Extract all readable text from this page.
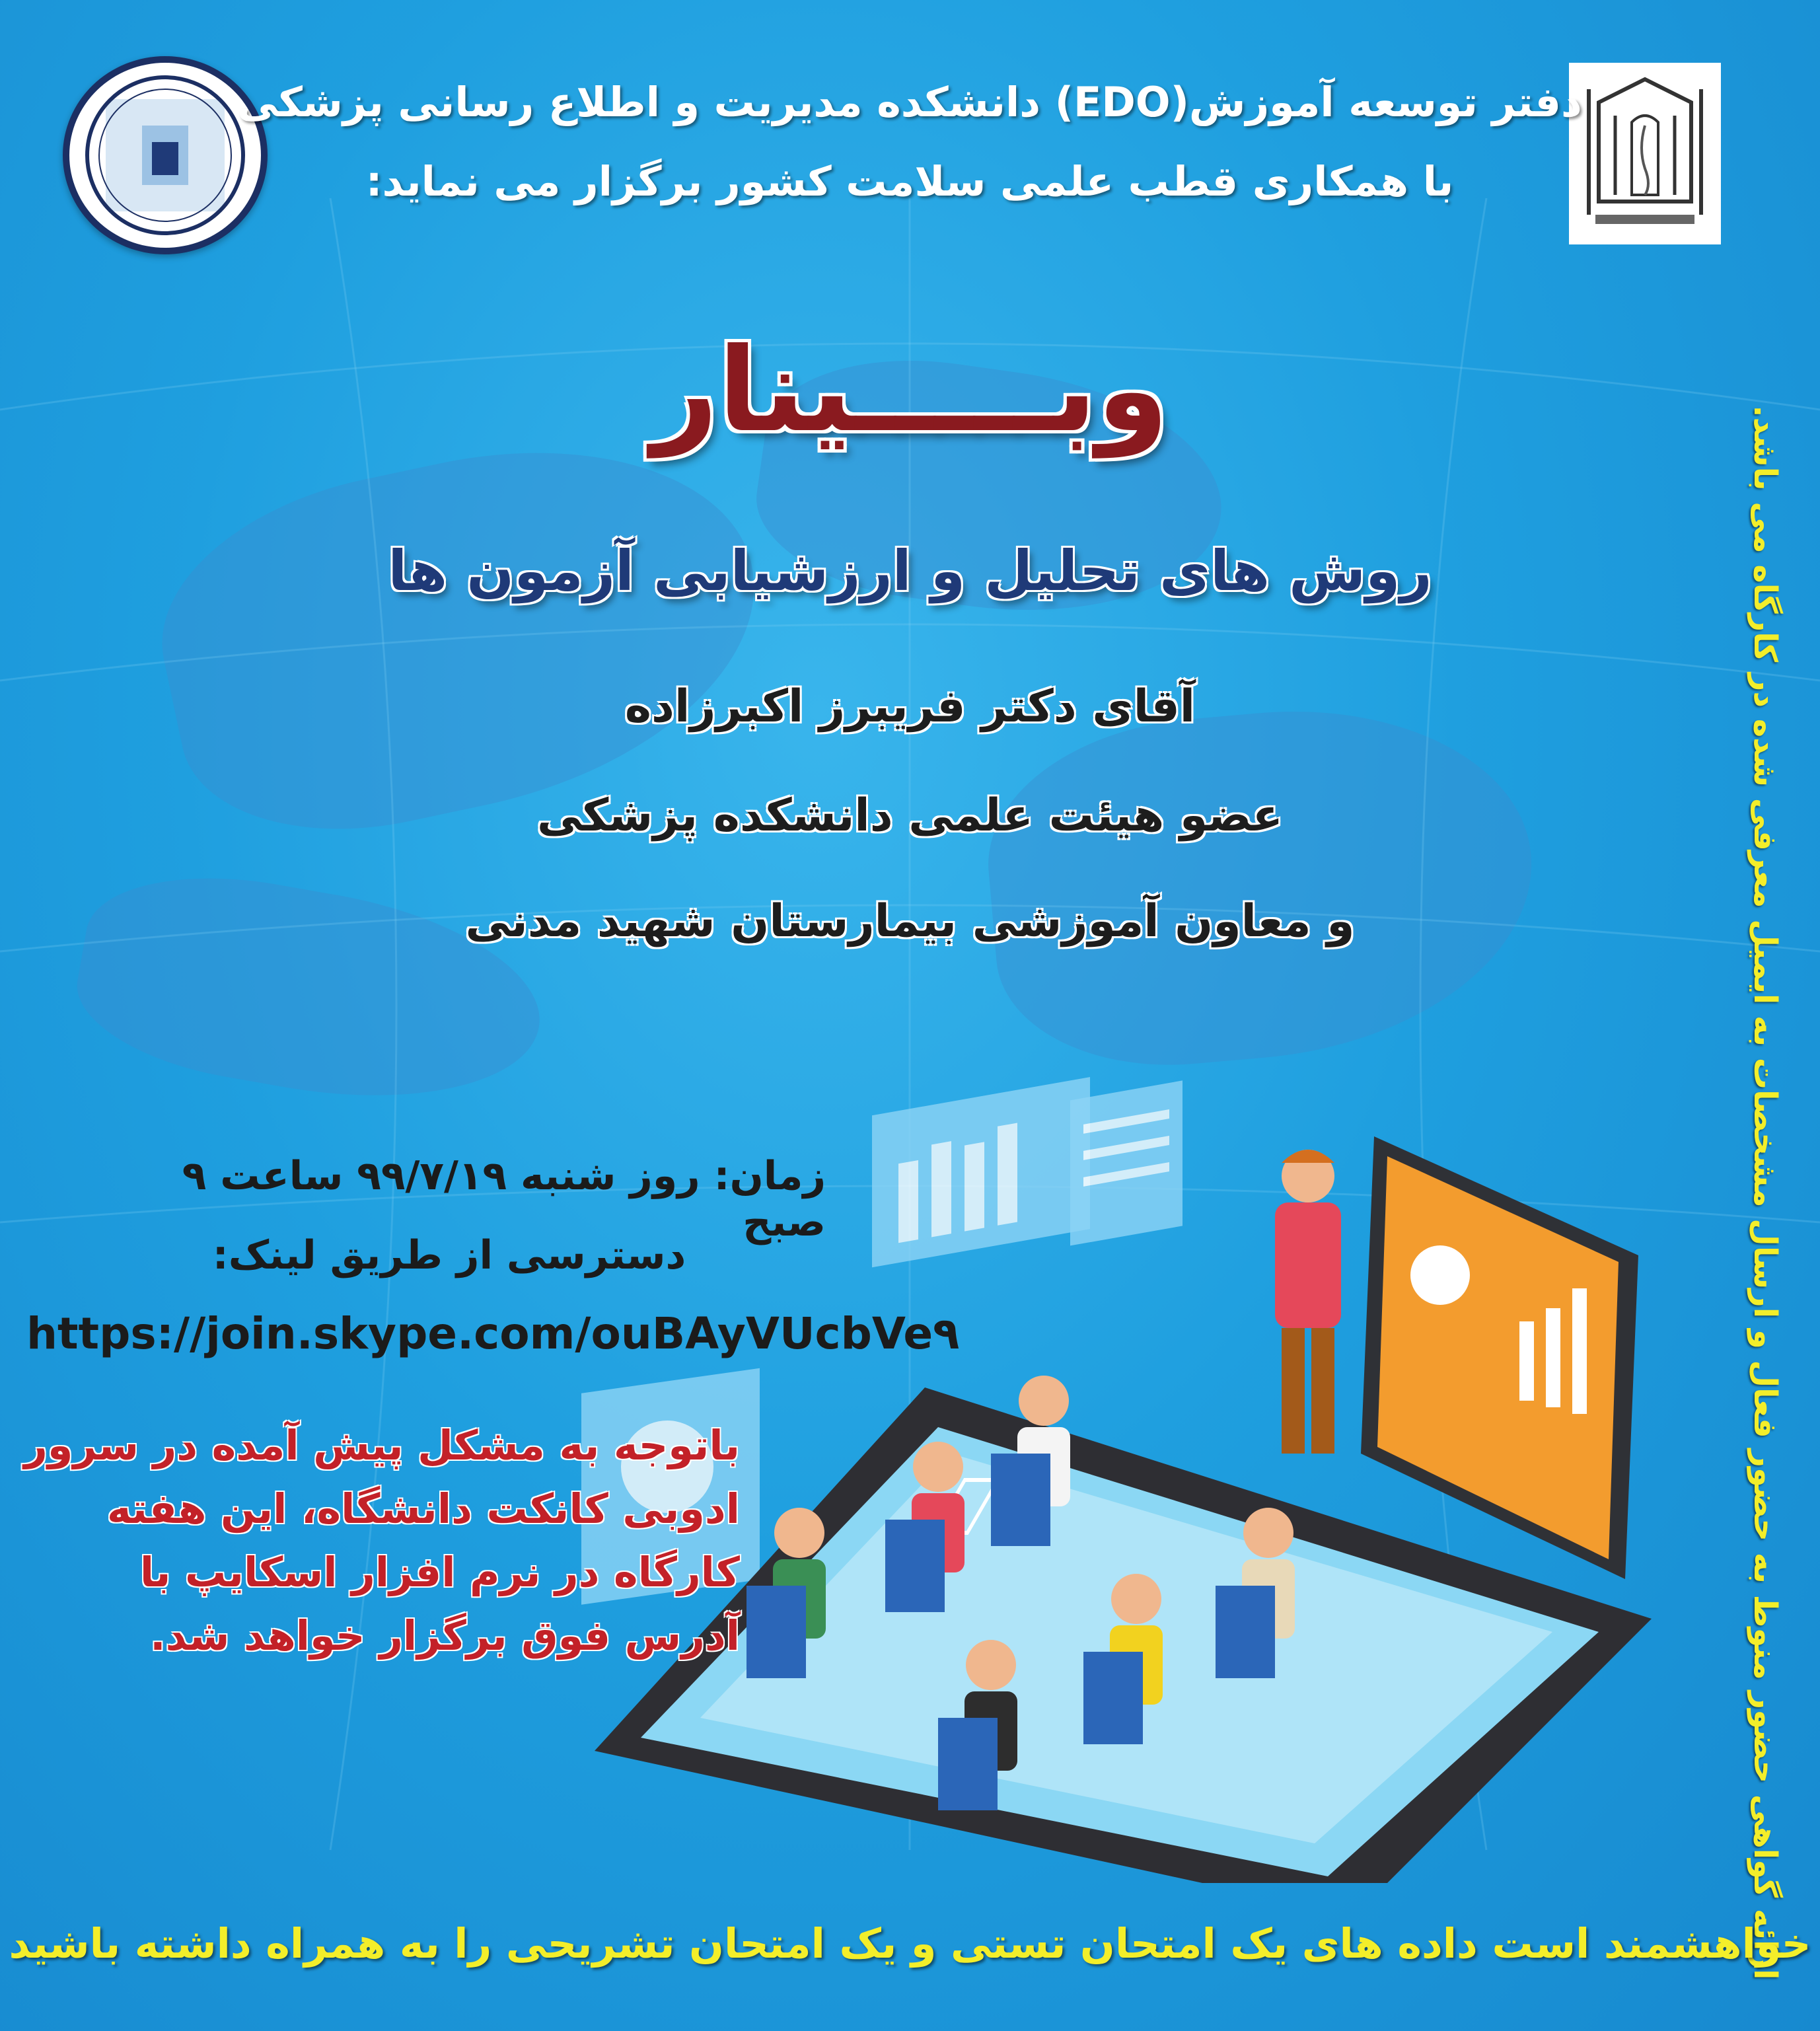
دفتر توسعه آموزش(EDO) دانشکده مدیریت و اطلاع رسانی پزشکی
با همکاری قطب علمی سلامت کشور برگزار می نماید:
وبـــــینار
روش های تحلیل و ارزشیابی آزمون ها
آقای دکتر فریبرز اکبرزاده
عضو هیئت علمی دانشکده پزشکی
و معاون آموزشی بیمارستان شهید مدنی
زمان: روز شنبه ۹۹/۷/۱۹ ساعت ۹ صبح
دسترسی از طریق لینک:
https://join.skype.com/ouBAyVUcbVe۹
باتوجه به مشکل پیش آمده در سرور ادوبی کانکت دانشگاه، این هفته کارگاه در نرم افزار اسکایپ با آدرس فوق برگزار خواهد شد.	ارائه گواهی حضور منوط به حضور فعال و ارسال مشخصات به ایمیل معرفی شده در کارگاه می باشد.
خواهشمند است داده های یک امتحان تستی و یک امتحان تشریحی را به همراه داشته باشید
